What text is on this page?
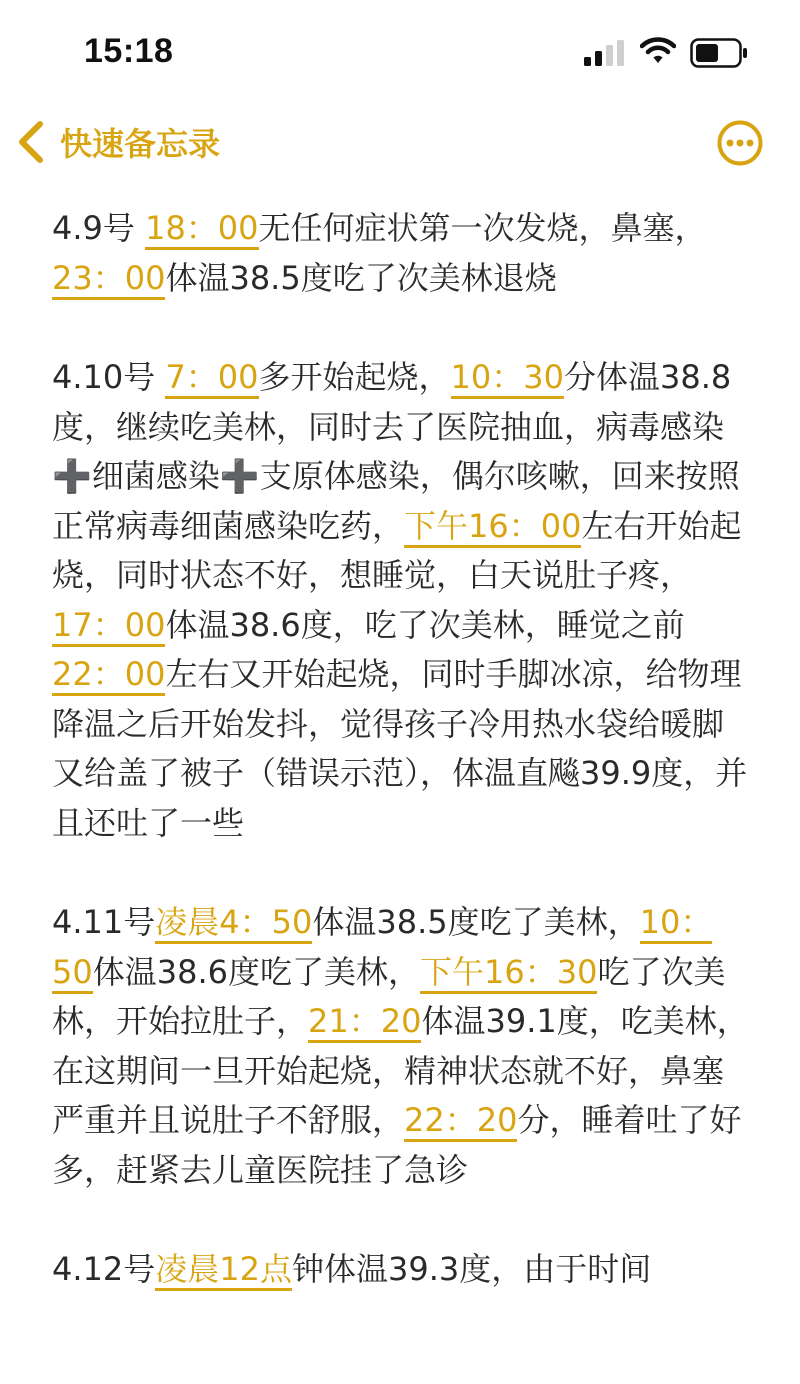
15:18
快速备忘录

4.9号 18：00无任何症状第一次发烧，鼻塞，23：00体温38.5度吃了次美林退烧

4.10号 7：00多开始起烧，10：30分体温38.8度，继续吃美林，同时去了医院抽血，病毒感染➕细菌感染➕支原体感染，偶尔咳嗽，回来按照正常病毒细菌感染吃药，下午16：00左右开始起烧，同时状态不好，想睡觉，白天说肚子疼，17：00体温38.6度，吃了次美林，睡觉之前22：00左右又开始起烧，同时手脚冰凉，给物理降温之后开始发抖，觉得孩子冷用热水袋给暖脚又给盖了被子（错误示范），体温直飚39.9度，并且还吐了一些

4.11号凌晨4：50体温38.5度吃了美林，10：50体温38.6度吃了美林，下午16：30吃了次美林，开始拉肚子，21：20体温39.1度，吃美林，在这期间一旦开始起烧，精神状态就不好，鼻塞严重并且说肚子不舒服，22：20分，睡着吐了好多，赶紧去儿童医院挂了急诊

4.12号凌晨12点钟体温39.3度，由于时间
